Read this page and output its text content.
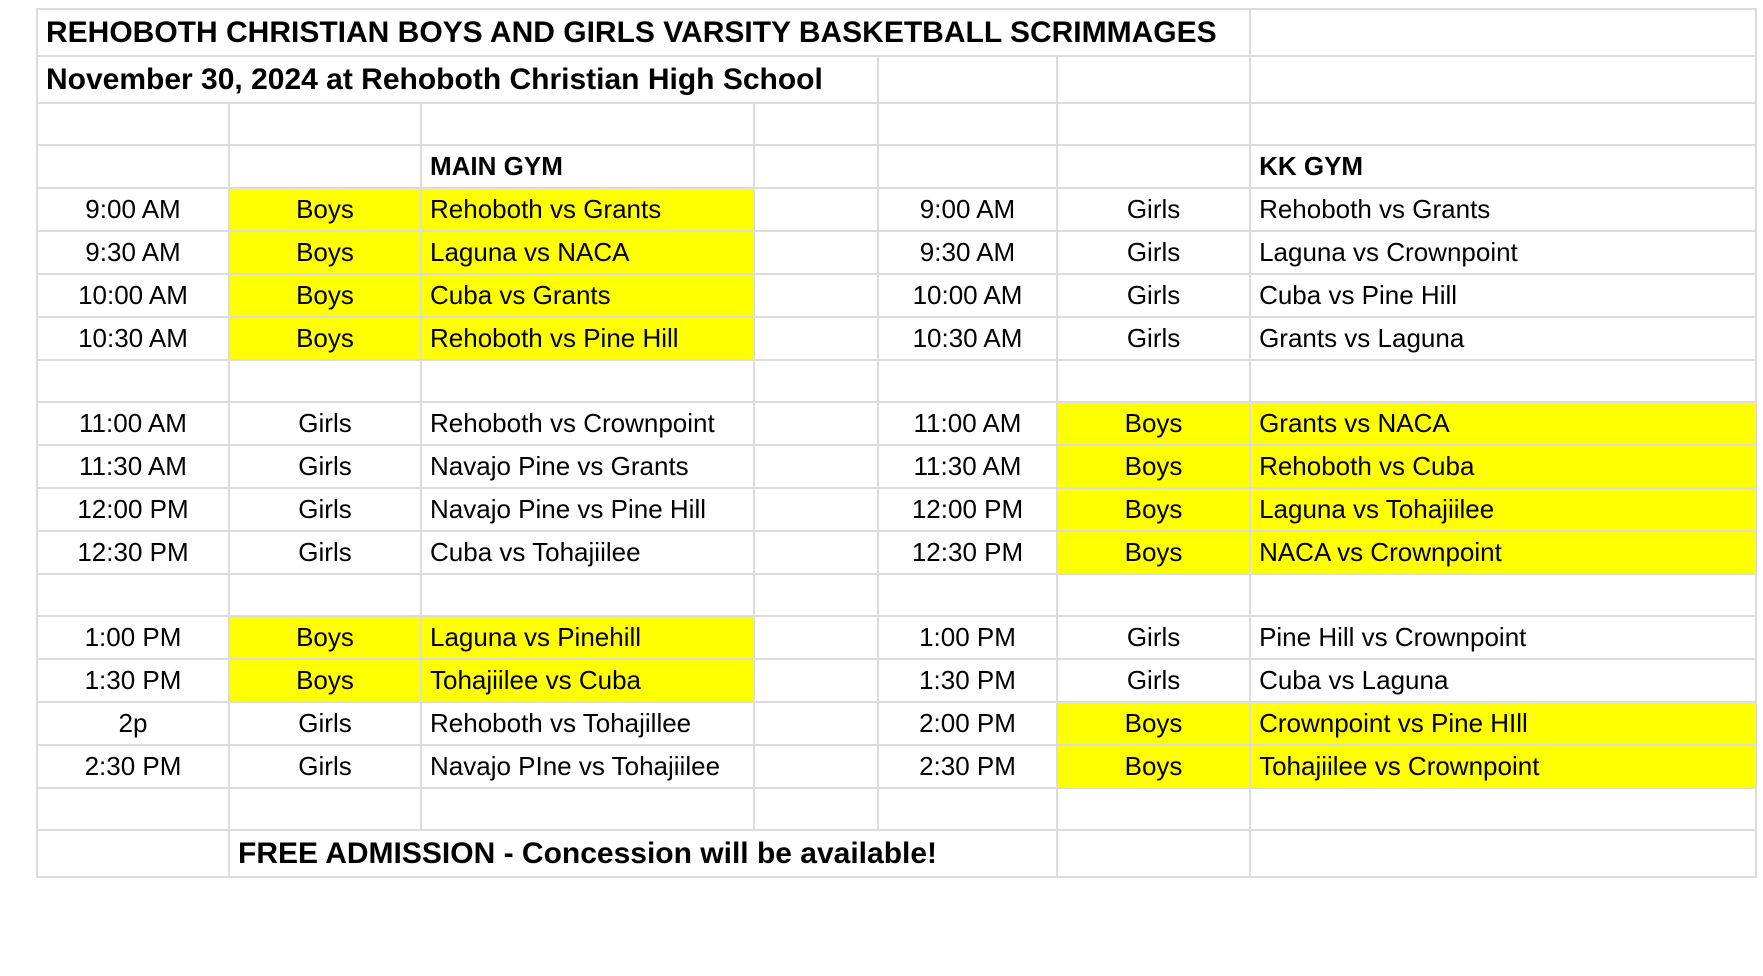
REHOBOTH CHRISTIAN BOYS AND GIRLS VARSITY BASKETBALL SCRIMMAGES						
November 30, 2024 at Rehoboth Christian High School						

		MAIN GYM				KK GYM
9:00 AM	Boys	Rehoboth vs Grants		9:00 AM	Girls	Rehoboth vs Grants
9:30 AM	Boys	Laguna vs NACA		9:30 AM	Girls	Laguna vs Crownpoint
10:00 AM	Boys	Cuba vs Grants		10:00 AM	Girls	Cuba vs Pine Hill
10:30 AM	Boys	Rehoboth vs Pine Hill		10:30 AM	Girls	Grants vs Laguna

11:00 AM	Girls	Rehoboth vs Crownpoint		11:00 AM	Boys	Grants vs NACA
11:30 AM	Girls	Navajo Pine vs Grants		11:30 AM	Boys	Rehoboth vs Cuba
12:00 PM	Girls	Navajo Pine vs Pine Hill		12:00 PM	Boys	Laguna vs Tohajiilee
12:30 PM	Girls	Cuba vs Tohajiilee		12:30 PM	Boys	NACA vs Crownpoint

1:00 PM	Boys	Laguna vs Pinehill		1:00 PM	Girls	Pine Hill vs Crownpoint
1:30 PM	Boys	Tohajiilee vs Cuba		1:30 PM	Girls	Cuba vs Laguna
2p	Girls	Rehoboth vs Tohajillee		2:00 PM	Boys	Crownpoint vs Pine HIll
2:30 PM	Girls	Navajo PIne vs Tohajiilee		2:30 PM	Boys	Tohajiilee vs Crownpoint

	FREE ADMISSION - Concession will be available!					
